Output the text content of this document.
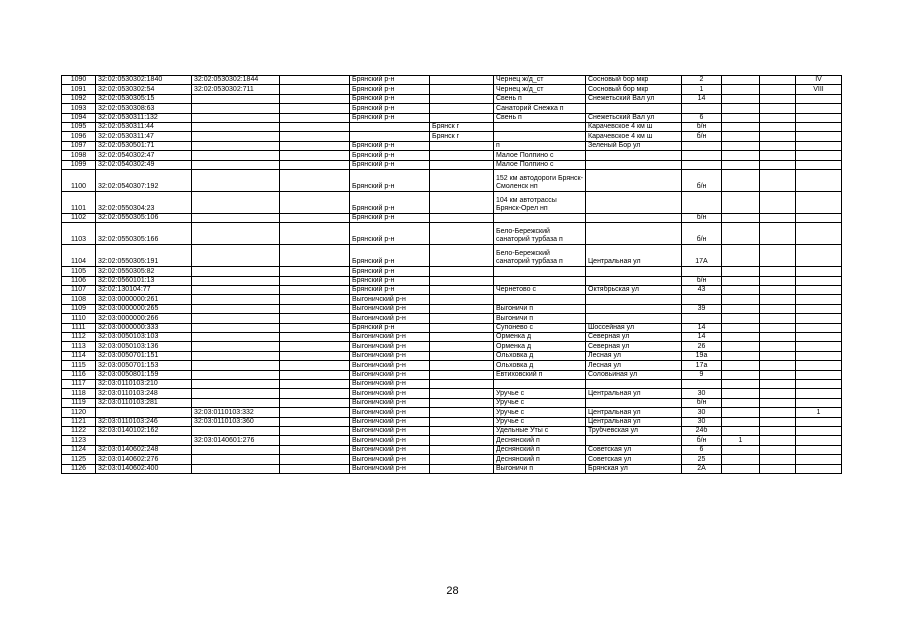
1090	32:02:0530302:1840	32:02:0530302:1844		Брянский р-н		Чернец ж/д_ст	Сосновый бор мкр	2			IV
1091	32:02:0530302:54	32:02:0530302:711		Брянский р-н		Чернец ж/д_ст	Сосновый бор мкр	1			VIII
1092	32:02:0530305:15			Брянский р-н		Свень п	Снежетьский Вал ул	14			
1093	32:02:0530308:63			Брянский р-н		Санаторий Снежка п					
1094	32:02:0530311:132			Брянский р-н		Свень п	Снежетьский Вал ул	6			
1095	32:02:0530311:44				Брянск г		Карачевское 4 км ш	б/н			
1096	32:02:0530311:47				Брянск г		Карачевское 4 км ш	б/н			
1097	32:02:0530501:71			Брянский р-н		п	Зеленый Бор ул				
1098	32:02:0540302:47			Брянский р-н		Малое Полпино с					
1099	32:02:0540302:49			Брянский р-н		Малое Полпино с					
1100	32:02:0540307:192			Брянский р-н		152 км автодороги Брянск-Смоленск нп		б/н			
1101	32:02:0550304:23			Брянский р-н		104 км автотрассы Брянск-Орел нп					
1102	32:02:0550305:106			Брянский р-н				б/н			
1103	32:02:0550305:166			Брянский р-н		Бело-Бережский санаторий турбаза п		б/н			
1104	32:02:0550305:191			Брянский р-н		Бело-Бережский санаторий турбаза п	Центральная ул	17А			
1105	32:02:0550305:82			Брянский р-н							
1106	32:02:0560101:13			Брянский р-н				б/н			
1107	32:02:130104:77			Брянский р-н		Чернетово с	Октябрьская ул	43			
1108	32:03:0000000:261			Выгоничский р-н							
1109	32:03:0000000:265			Выгоничский р-н		Выгоничи п		39			
1110	32:03:0000000:266			Выгоничский р-н		Выгоничи п					
1111	32:03:0000000:333			Брянский р-н		Супонево с	Шоссейная ул	14			
1112	32:03:0050103:103			Выгоничский р-н		Орменка д	Северная ул	14			
1113	32:03:0050103:136			Выгоничский р-н		Орменка д	Северная ул	26			
1114	32:03:0050701:151			Выгоничский р-н		Ольховка д	Лесная ул	19а			
1115	32:03:0050701:153			Выгоничский р-н		Ольховка д	Лесная ул	17а			
1116	32:03:0050801:159			Выгоничский р-н		Евтиховский п	Соловьиная ул	9			
1117	32:03:0110103:210			Выгоничский р-н							
1118	32:03:0110103:248			Выгоничский р-н		Уручье с	Центральная ул	30			
1119	32:03:0110103:281			Выгоничский р-н		Уручье с		б/н			
1120		32:03:0110103:332		Выгоничский р-н		Уручье с	Центральная ул	30			1
1121	32:03:0110103:246	32:03:0110103:360		Выгоничский р-н		Уручье с	Центральная ул	30			
1122	32:03:0140102:162			Выгоничский р-н		Удельные Уты с	Трубчевская ул	24б			
1123		32:03:0140601:276		Выгоничский р-н		Деснянский п		б/н	1		
1124	32:03:0140602:248			Выгоничский р-н		Деснянский п	Советская ул	6			
1125	32:03:0140602:276			Выгоничский р-н		Деснянский п	Советская ул	25			
1126	32:03:0140602:400			Выгоничский р-н		Выгоничи п	Брянская ул	2А			
28
